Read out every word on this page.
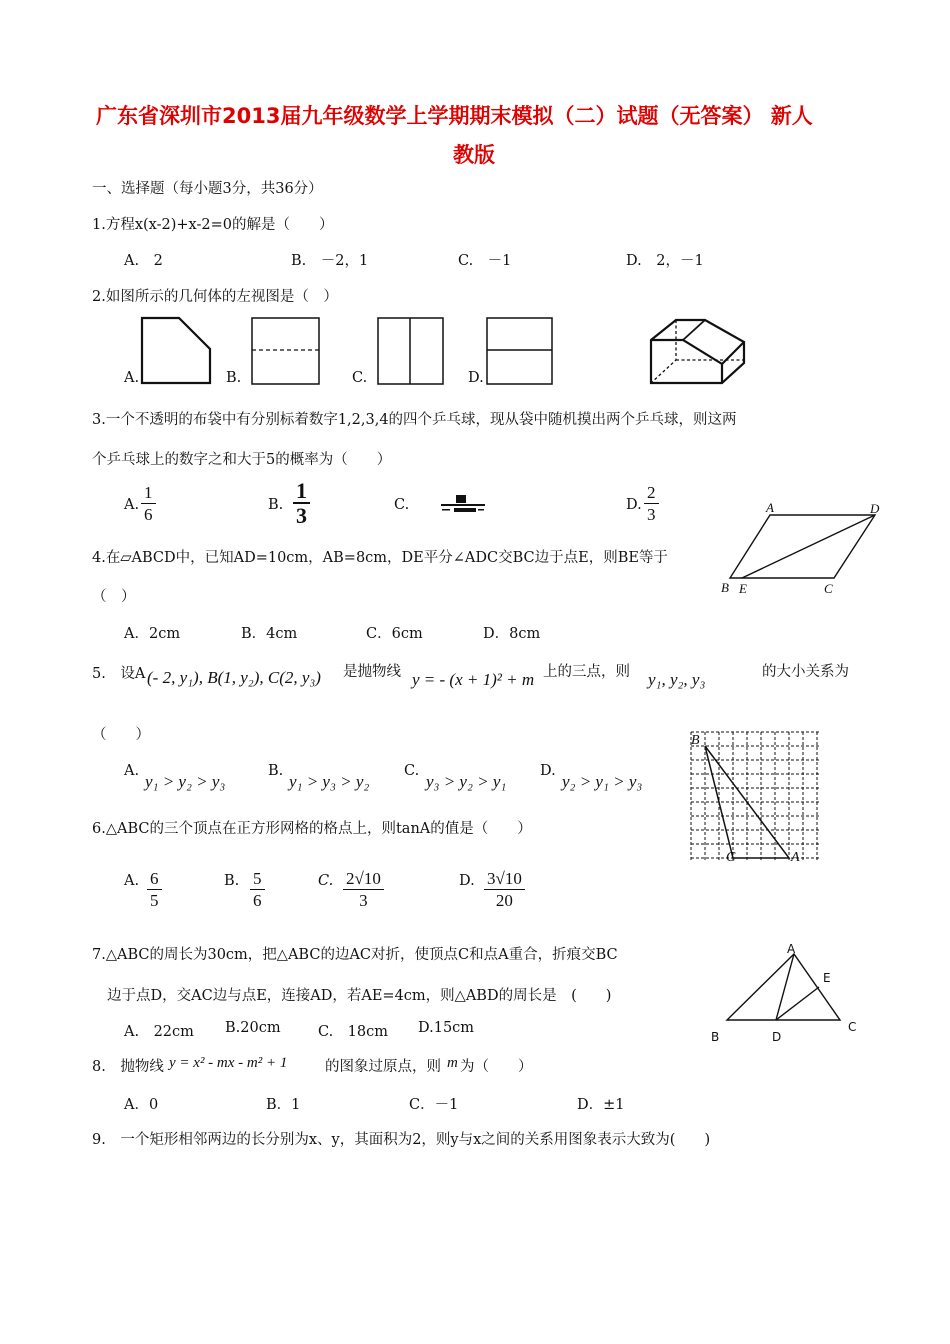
广东省深圳市2013届九年级数学上学期期末模拟（二）试题（无答案） 新人
教版
一、选择题（每小题3分，共36分）
1.方程x(x-2)+x-2=0的解是（　　）
A.　2	B.　－2，1	C.　－1	D.　2，－1
2.如图所示的几何体的左视图是（　）
A.	B.	C.	D.
3.一个不透明的布袋中有分别标着数字1,2,3,4的四个乒乓球，现从袋中随机摸出两个乒乓球，则这两
个乒乓球上的数字之和大于5的概率为（　　）
A. $\frac{1}{6}$	B. $\frac{1}{3}$	C.	D. $\frac{2}{3}$
4.在▱ABCD中，已知AD=10cm，AB=8cm，DE平分∠ADC交BC边于点E，则BE等于
（　）
A．2cm	B．4cm	C．6cm	D．8cm
A	D
B E	C
5.　设A (- 2, y₁), B(1, y₂), C(2, y₃) 是抛物线 y = - (x + 1)² + m 上的三点，则 y₁, y₂, y₃	的大小关系为
（　　）
A.
y₁ > y₂ > y₃
B.
y₁ > y₃ > y₂
C.
y₃ > y₂ > y₁
D.
y₂ > y₁ > y₃
B
C	A
6.△ABC的三个顶点在正方形网格的格点上，则tanA的值是（　　）
A. $\frac{6}{5}$	B. $\frac{5}{6}$	C. $\frac{2√10}{3}$	D. $\frac{3√10}{20}$
7.△ABC的周长为30cm，把△ABC的边AC对折，使顶点C和点A重合，折痕交BC
边于点D，交AC边与点E，连接AD，若AE=4cm，则△ABD的周长是　(　　)
A.　22cm B.20cm	C.　18cm D.15cm
A
E
B	D
C
8.　抛物线 y = x² - mx - m² + 1	的图象过原点，则 m 为（　　）
A．0	B．1	C．－1	D．±1
9.　一个矩形相邻两边的长分别为x、y，其面积为2，则y与x之间的关系用图象表示大致为(　　)
